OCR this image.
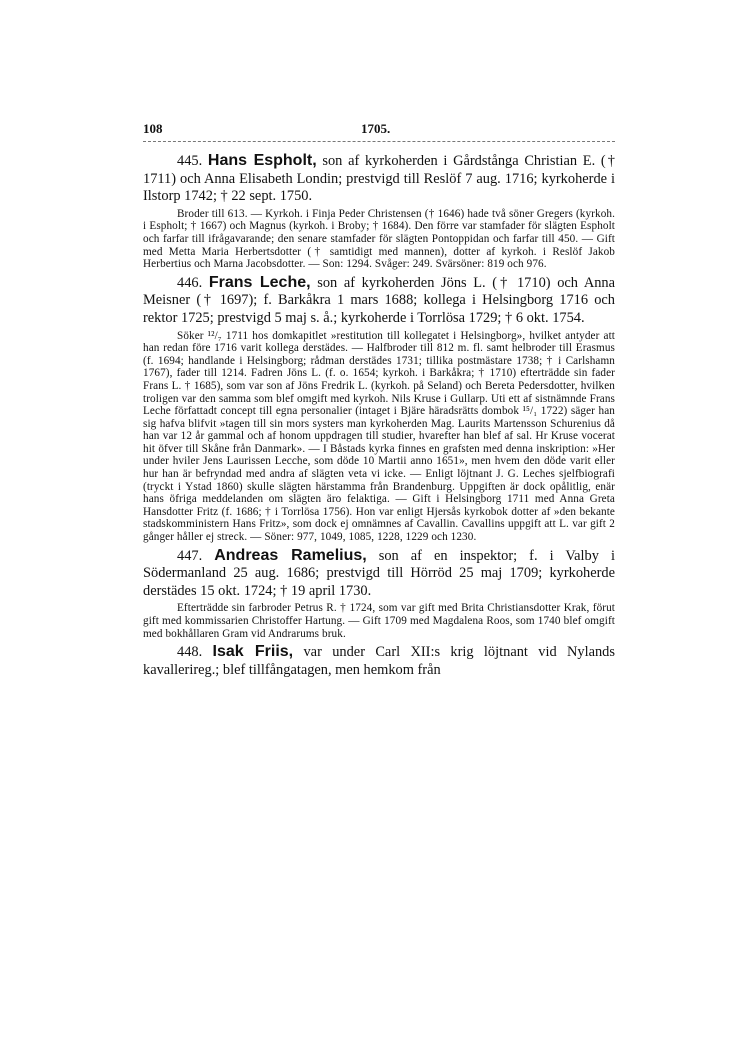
108	1705.

445. Hans Espholt, son af kyrkoherden i Gårdstånga Christian E. († 1711) och Anna Elisabeth Londin; prestvigd till Reslöf 7 aug. 1716; kyrkoherde i Ilstorp 1742; † 22 sept. 1750.

Broder till 613. — Kyrkoh. i Finja Peder Christensen († 1646) hade två söner Gregers (kyrkoh. i Espholt; † 1667) och Magnus (kyrkoh. i Broby; † 1684). Den förre var stamfader för slägten Espholt och farfar till ifrågavarande; den senare stamfader för slägten Pontoppidan och farfar till 450. — Gift med Metta Maria Herbertsdotter († samtidigt med mannen), dotter af kyrkoh. i Reslöf Jakob Herbertius och Marna Jacobsdotter. — Son: 1294. Svåger: 249. Svärsöner: 819 och 976.

446. Frans Leche, son af kyrkoherden Jöns L. († 1710) och Anna Meisner († 1697); f. Barkåkra 1 mars 1688; kollega i Helsingborg 1716 och rektor 1725; prestvigd 5 maj s. å.; kyrkoherde i Torrlösa 1729; † 6 okt. 1754.

Söker ¹²/₇ 1711 hos domkapitlet »restitution till kollegatet i Helsingborg», hvilket antyder att han redan före 1716 varit kollega derstädes. — Halfbroder till 812 m. fl. samt helbroder till Erasmus (f. 1694; handlande i Helsingborg; rådman derstädes 1731; tillika postmästare 1738; † i Carlshamn 1767), fader till 1214. Fadren Jöns L. (f. o. 1654; kyrkoh. i Barkåkra; † 1710) efterträdde sin fader Frans L. † 1685), som var son af Jöns Fredrik L. (kyrkoh. på Seland) och Bereta Pedersdotter, hvilken troligen var den samma som blef omgift med kyrkoh. Nils Kruse i Gullarp. Uti ett af sistnämnde Frans Leche författadt concept till egna personalier (intaget i Bjäre häradsrätts dombok ¹⁵/₁ 1722) säger han sig hafva blifvit »tagen till sin mors systers man kyrkoherden Mag. Laurits Martensson Schurenius då han var 12 år gammal och af honom uppdragen till studier, hvarefter han blef af sal. Hr Kruse vocerat hit öfver till Skåne från Danmark». — I Båstads kyrka finnes en grafsten med denna inskription: »Her under hviler Jens Laurissen Lecche, som döde 10 Martii anno 1651», men hvem den döde varit eller hur han är befryndad med andra af slägten veta vi icke. — Enligt löjtnant J. G. Leches sjelfbiografi (tryckt i Ystad 1860) skulle slägten härstamma från Brandenburg. Uppgiften är dock opålitlig, enär hans öfriga meddelanden om slägten äro felaktiga. — Gift i Helsingborg 1711 med Anna Greta Hansdotter Fritz (f. 1686; † i Torrlösa 1756). Hon var enligt Hjersås kyrkobok dotter af »den bekante stadskomministern Hans Fritz», som dock ej omnämnes af Cavallin. Cavallins uppgift att L. var gift 2 gånger håller ej streck. — Söner: 977, 1049, 1085, 1228, 1229 och 1230.

447. Andreas Ramelius, son af en inspektor; f. i Valby i Södermanland 25 aug. 1686; prestvigd till Hörröd 25 maj 1709; kyrkoherde derstädes 15 okt. 1724; † 19 april 1730.

Efterträdde sin farbroder Petrus R. † 1724, som var gift med Brita Christiansdotter Krak, förut gift med kommissarien Christoffer Hartung. — Gift 1709 med Magdalena Roos, som 1740 blef omgift med bokhållaren Gram vid Andrarums bruk.

448. Isak Friis, var under Carl XII:s krig löjtnant vid Nylands kavallerireg.; blef tillfångatagen, men hemkom från
